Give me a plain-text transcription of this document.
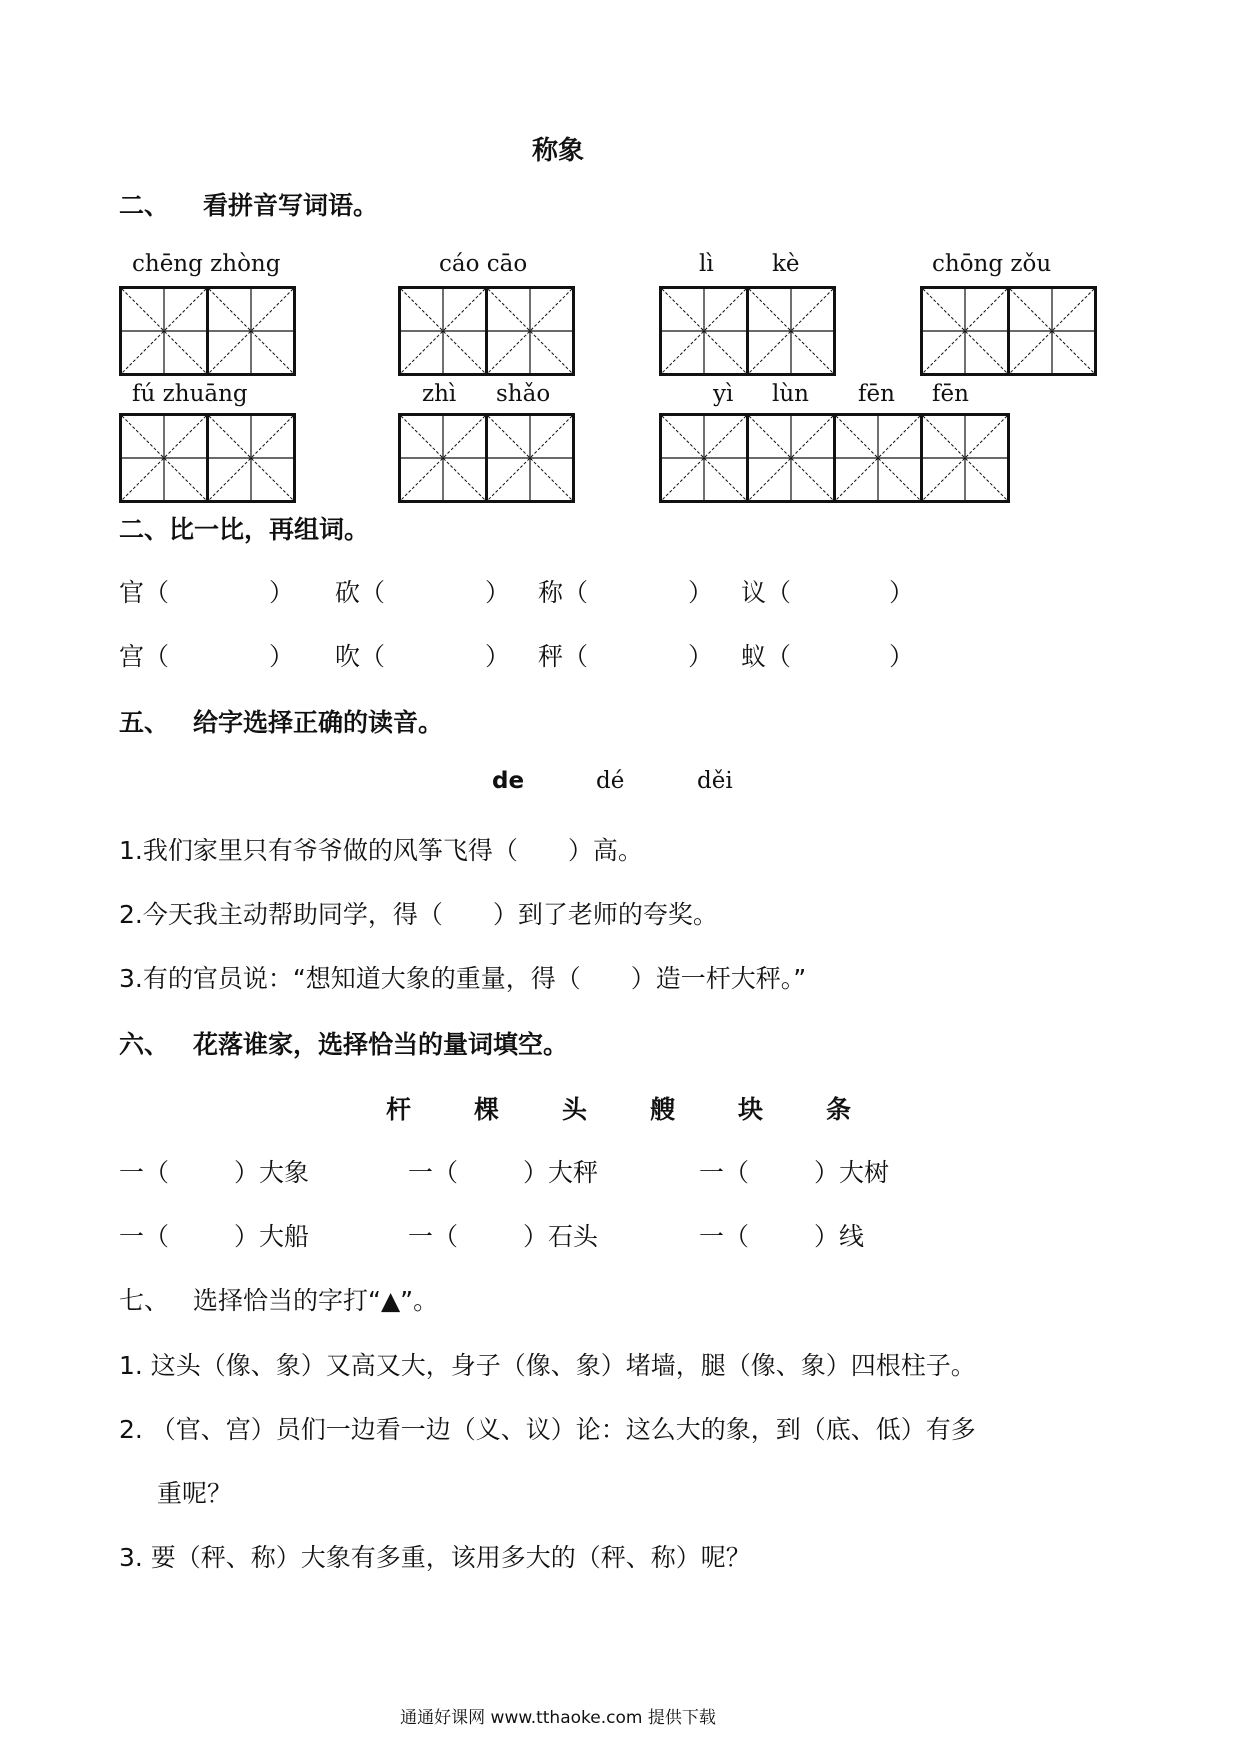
称象
二、 看拼音写词语。
chēng zhòng	cáo cāo	lì	kè	chōng zǒu
fú zhuāng	zhì shǎo	yì lùn fēn fēn
二、比一比，再组词。
官（	） 砍（	） 称（	） 议（	）
宫（	） 吹（	） 秤（	） 蚁（	）
五、 给字选择正确的读音。
de	dé	děi
1.我们家里只有爷爷做的风筝飞得（　　）高。
2.今天我主动帮助同学，得（　　）到了老师的夸奖。
3.有的官员说：“想知道大象的重量，得（　　）造一杆大秤。”
六、 花落谁家，选择恰当的量词填空。
杆	棵	头	艘	块	条
一（	）大象	一（	）大秤	一（	）大树
一（	）大船	一（	）石头	一（	）线
七、 选择恰当的字打“▲”。
1. 这头（像、象）又高又大，身子（像、象）堵墙，腿（像、象）四根柱子。
2. （官、宫）员们一边看一边（义、议）论：这么大的象，到（底、低）有多
重呢？
3. 要（秤、称）大象有多重，该用多大的（秤、称）呢？
通通好课网 www.tthaoke.com 提供下载
